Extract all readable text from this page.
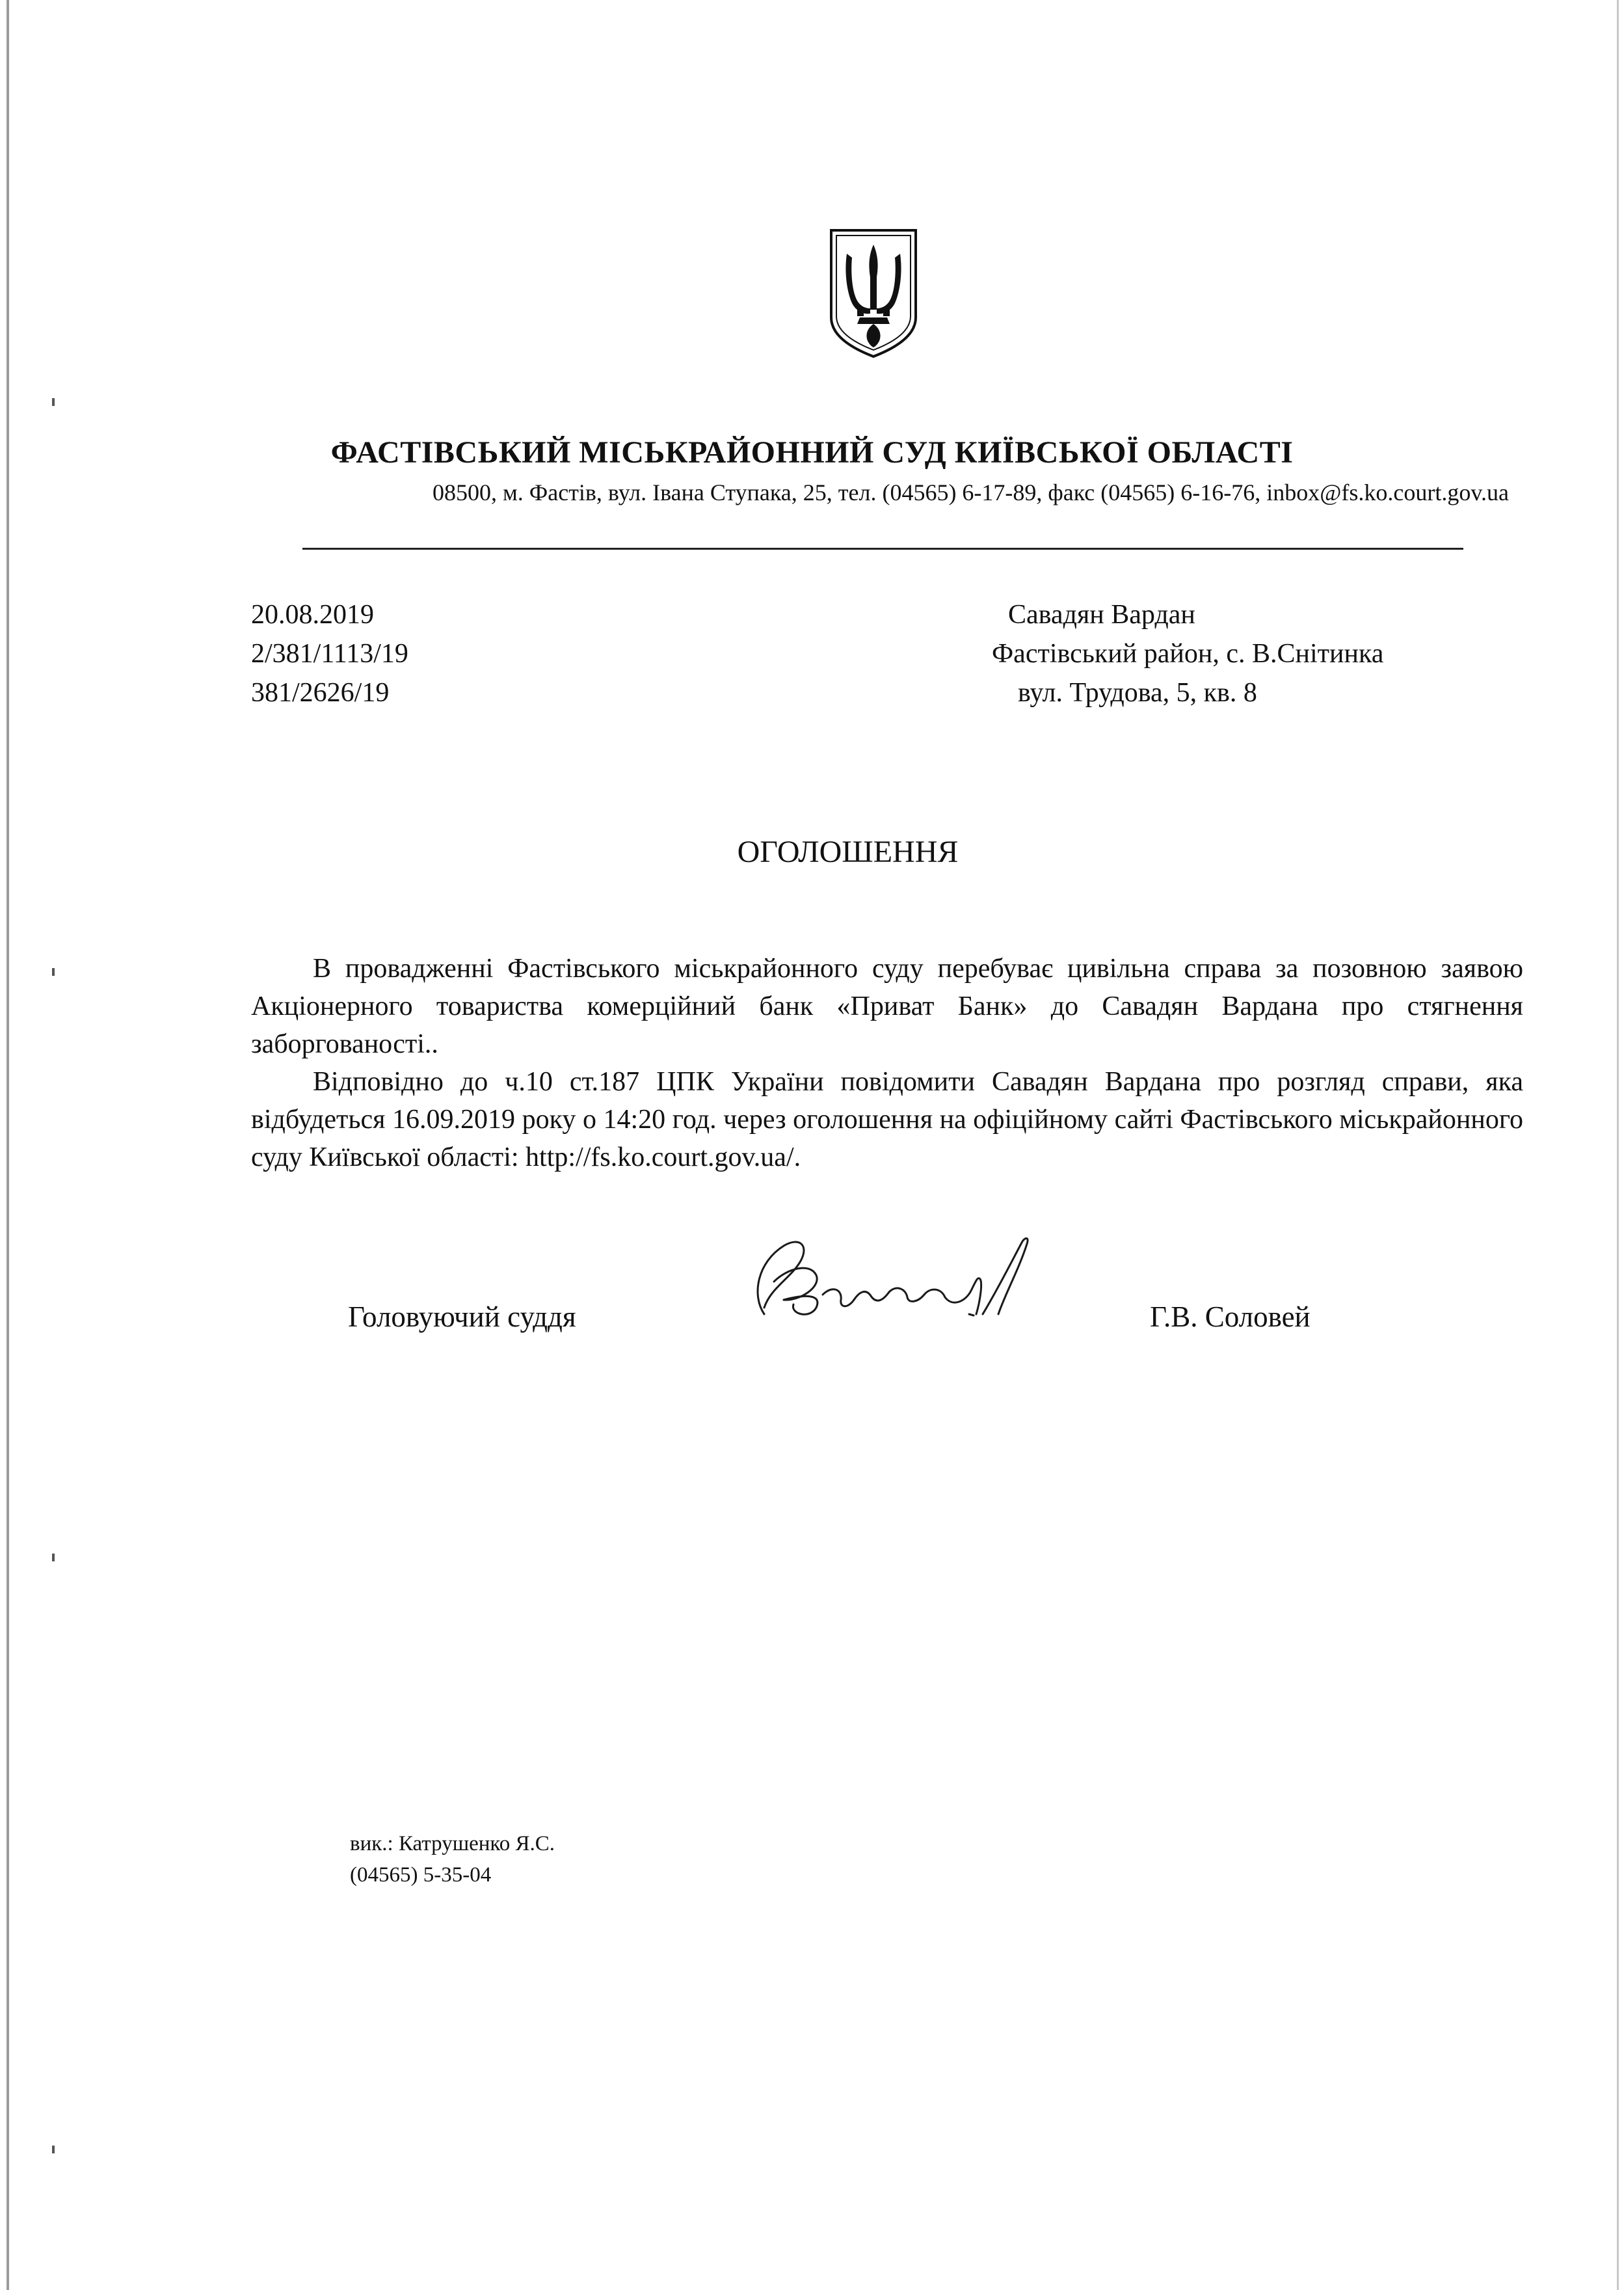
ФАСТІВСЬКИЙ МІСЬКРАЙОННИЙ СУД КИЇВСЬКОЇ ОБЛАСТІ
08500, м. Фастів, вул. Івана Ступака, 25, тел. (04565) 6-17-89, факс (04565) 6-16-76, inbox@fs.ko.court.gov.ua
20.08.2019
2/381/1113/19
381/2626/19
Савадян Вардан
Фастівський район, с. В.Снітинка
вул. Трудова, 5, кв. 8
ОГОЛОШЕННЯ

В провадженні Фастівського міськрайонного суду перебуває цивільна справа за позовною заявою Акціонерного товариства комерційний банк «Приват Банк» до Савадян Вардана про стягнення заборгованості..

Відповідно до ч.10 ст.187 ЦПК України повідомити Савадян Вардана про розгляд справи, яка відбудеться 16.09.2019 року о 14:20 год. через оголошення на офіційному сайті Фастівського міськрайонного суду Київської області: http://fs.ko.court.gov.ua/.

Головуючий суддя	Г.В. Соловей
вик.: Катрушенко Я.С.
(04565) 5-35-04
